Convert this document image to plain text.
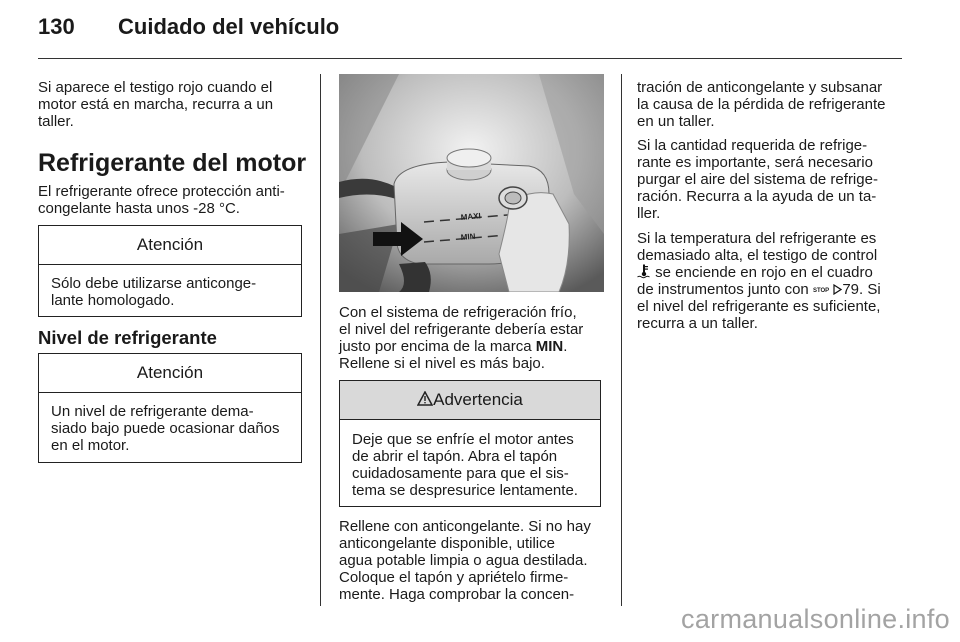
130 Cuidado del vehículo

Si aparece el testigo rojo cuando el

motor está en marcha, recurra a un

taller.

Refrigerante del motor

El refrigerante ofrece protección anti-

congelante hasta unos -28 °C.

Atención

Sólo debe utilizarse anticonge-

lante homologado.

Nivel de refrigerante
Atención

Un nivel de refrigerante dema-

siado bajo puede ocasionar daños

en el motor.

MAXI
MIN

Con el sistema de refrigeración frío,

el nivel del refrigerante debería estar

justo por encima de la marca MIN.

Rellene si el nivel es más bajo.

Advertencia

Deje que se enfríe el motor antes

de abrir el tapón. Abra el tapón

cuidadosamente para que el sis-

tema se despresurice lentamente.

Rellene con anticongelante. Si no hay

anticongelante disponible, utilice

agua potable limpia o agua destilada.

Coloque el tapón y apriételo firme-

mente. Haga comprobar la concen-

tración de anticongelante y subsanar

la causa de la pérdida de refrigerante

en un taller.

Si la cantidad requerida de refrige-

rante es importante, será necesario

purgar el aire del sistema de refrige-

ración. Recurra a la ayuda de un ta-

ller.

Si la temperatura del refrigerante es

demasiado alta, el testigo de control

se enciende en rojo en el cuadro

de instrumentos junto con STOP 79. Si

el nivel del refrigerante es suficiente,

recurra a un taller.

carmanualsonline.info
